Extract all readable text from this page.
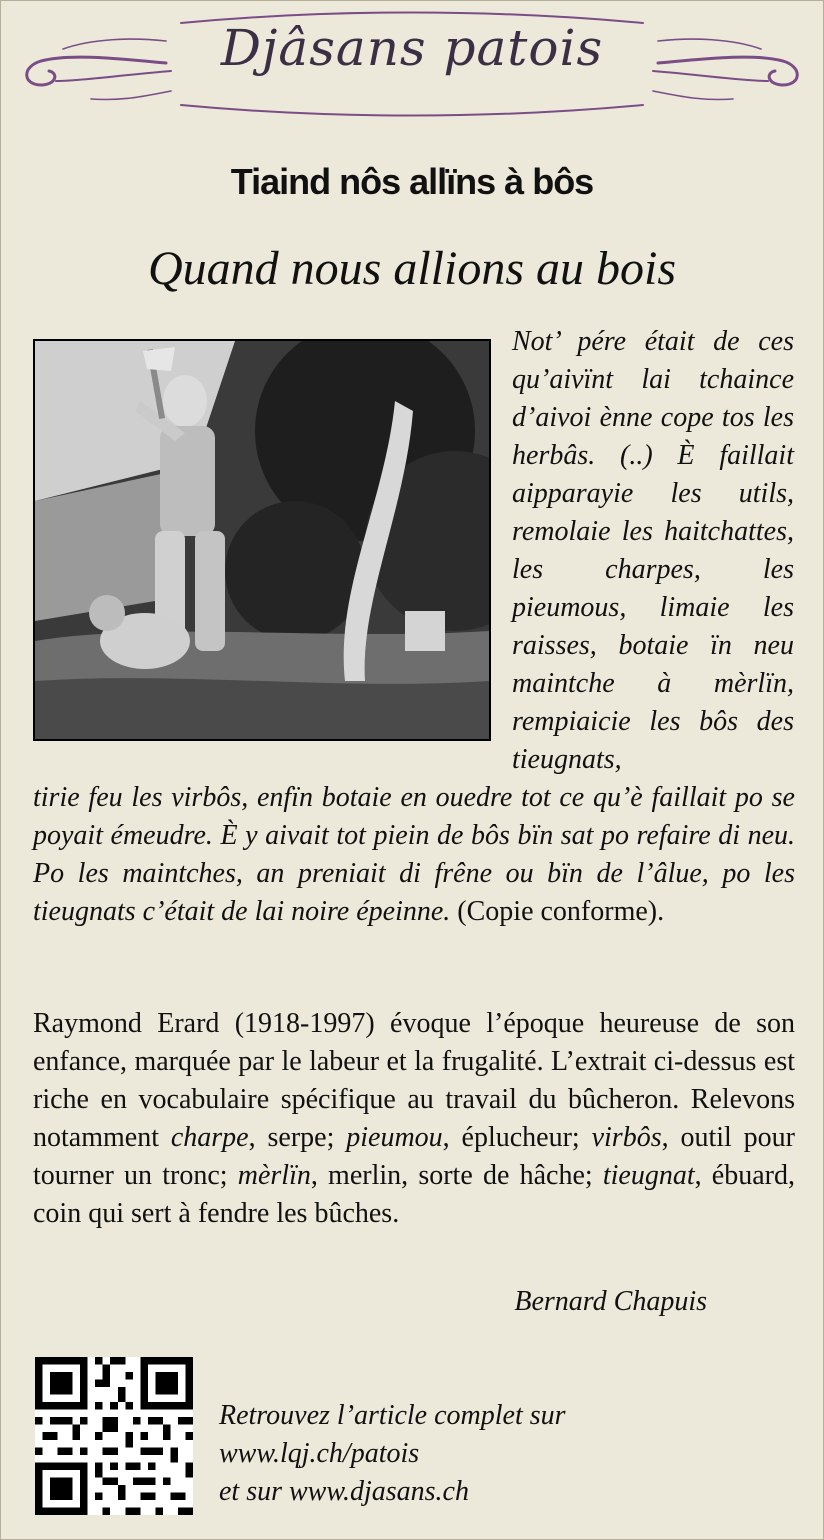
Djâsans patois
Tiaind nôs allïns à bôs
Quand nous allions au bois

Not’ pére était de ces qu’aivïnt lai tchaince d’aivoi ènne cope tos les herbâs. (..) È faillait aipparayie les utils, remolaie les haitchattes, les charpes, les pieumous, limaie les raisses, botaie ïn neu maintche à mèrlïn, rempiaicie les bôs des tieugnats,

tirie feu les virbôs, enfïn botaie en ouedre tot ce qu’è faillait po se poyait émeudre. È y aivait tot piein de bôs bïn sat po refaire di neu. Po les maintches, an preniait di frêne ou bïn de l’âlue, po les tieugnats c’était de lai noire épeinne. (Copie conforme).

Raymond Erard (1918-1997) évoque l’époque heureuse de son enfance, marquée par le labeur et la frugalité. L’extrait ci-dessus est riche en vocabulaire spécifique au travail du bûcheron. Relevons notamment charpe, serpe; pieumou, éplucheur; virbôs, outil pour tourner un tronc; mèrlïn, merlin, sorte de hâche; tieugnat, ébuard, coin qui sert à fendre les bûches.

Bernard Chapuis
Retrouvez l’article complet sur
www.lqj.ch/patois
et sur www.djasans.ch
